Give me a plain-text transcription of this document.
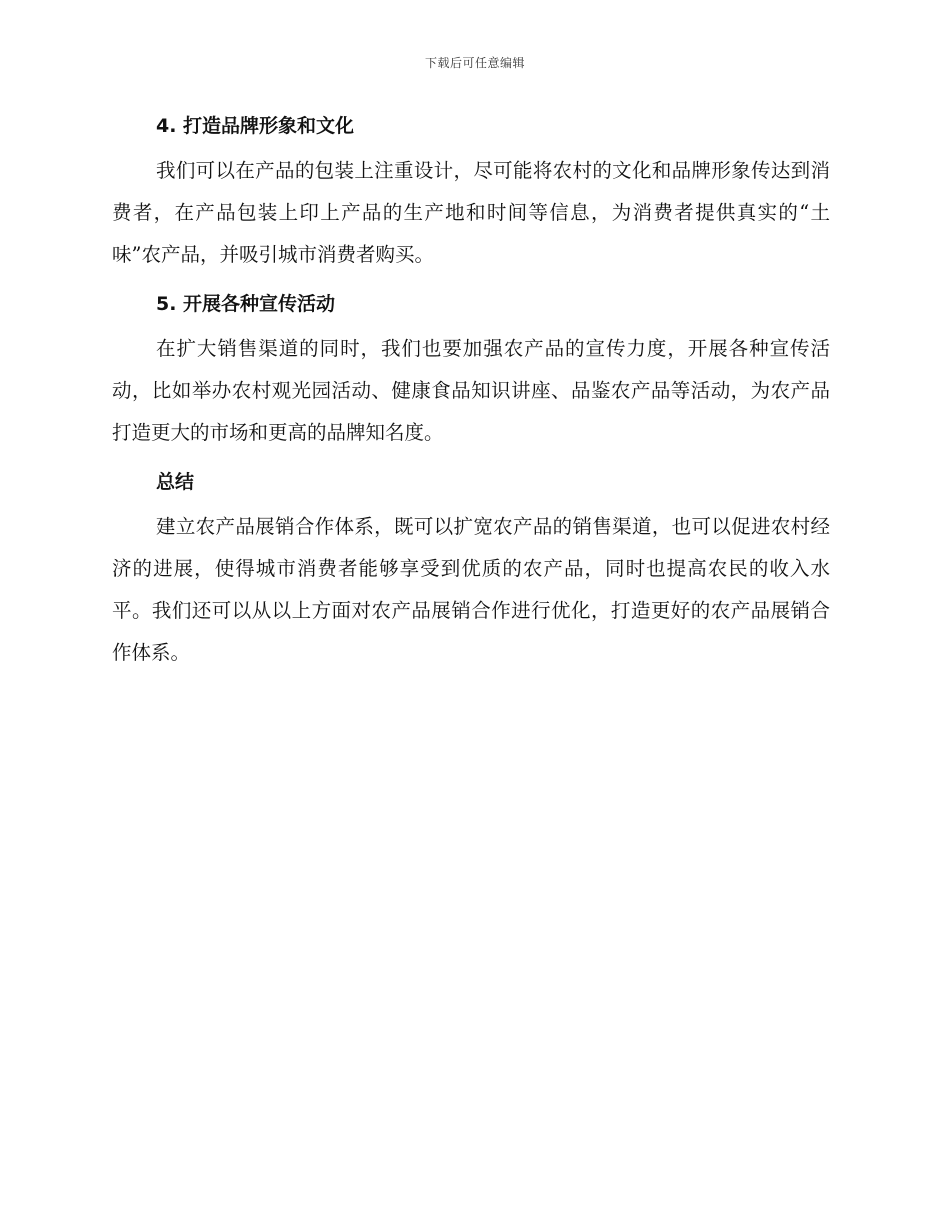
下载后可任意编辑
4. 打造品牌形象和文化

我们可以在产品的包装上注重设计，尽可能将农村的文化和品牌形象传达到消费者，在产品包装上印上产品的生产地和时间等信息，为消费者提供真实的“土味”农产品，并吸引城市消费者购买。

5. 开展各种宣传活动

在扩大销售渠道的同时，我们也要加强农产品的宣传力度，开展各种宣传活动，比如举办农村观光园活动、健康食品知识讲座、品鉴农产品等活动，为农产品打造更大的市场和更高的品牌知名度。

总结

建立农产品展销合作体系，既可以扩宽农产品的销售渠道，也可以促进农村经济的进展，使得城市消费者能够享受到优质的农产品，同时也提高农民的收入水平。我们还可以从以上方面对农产品展销合作进行优化，打造更好的农产品展销合作体系。
